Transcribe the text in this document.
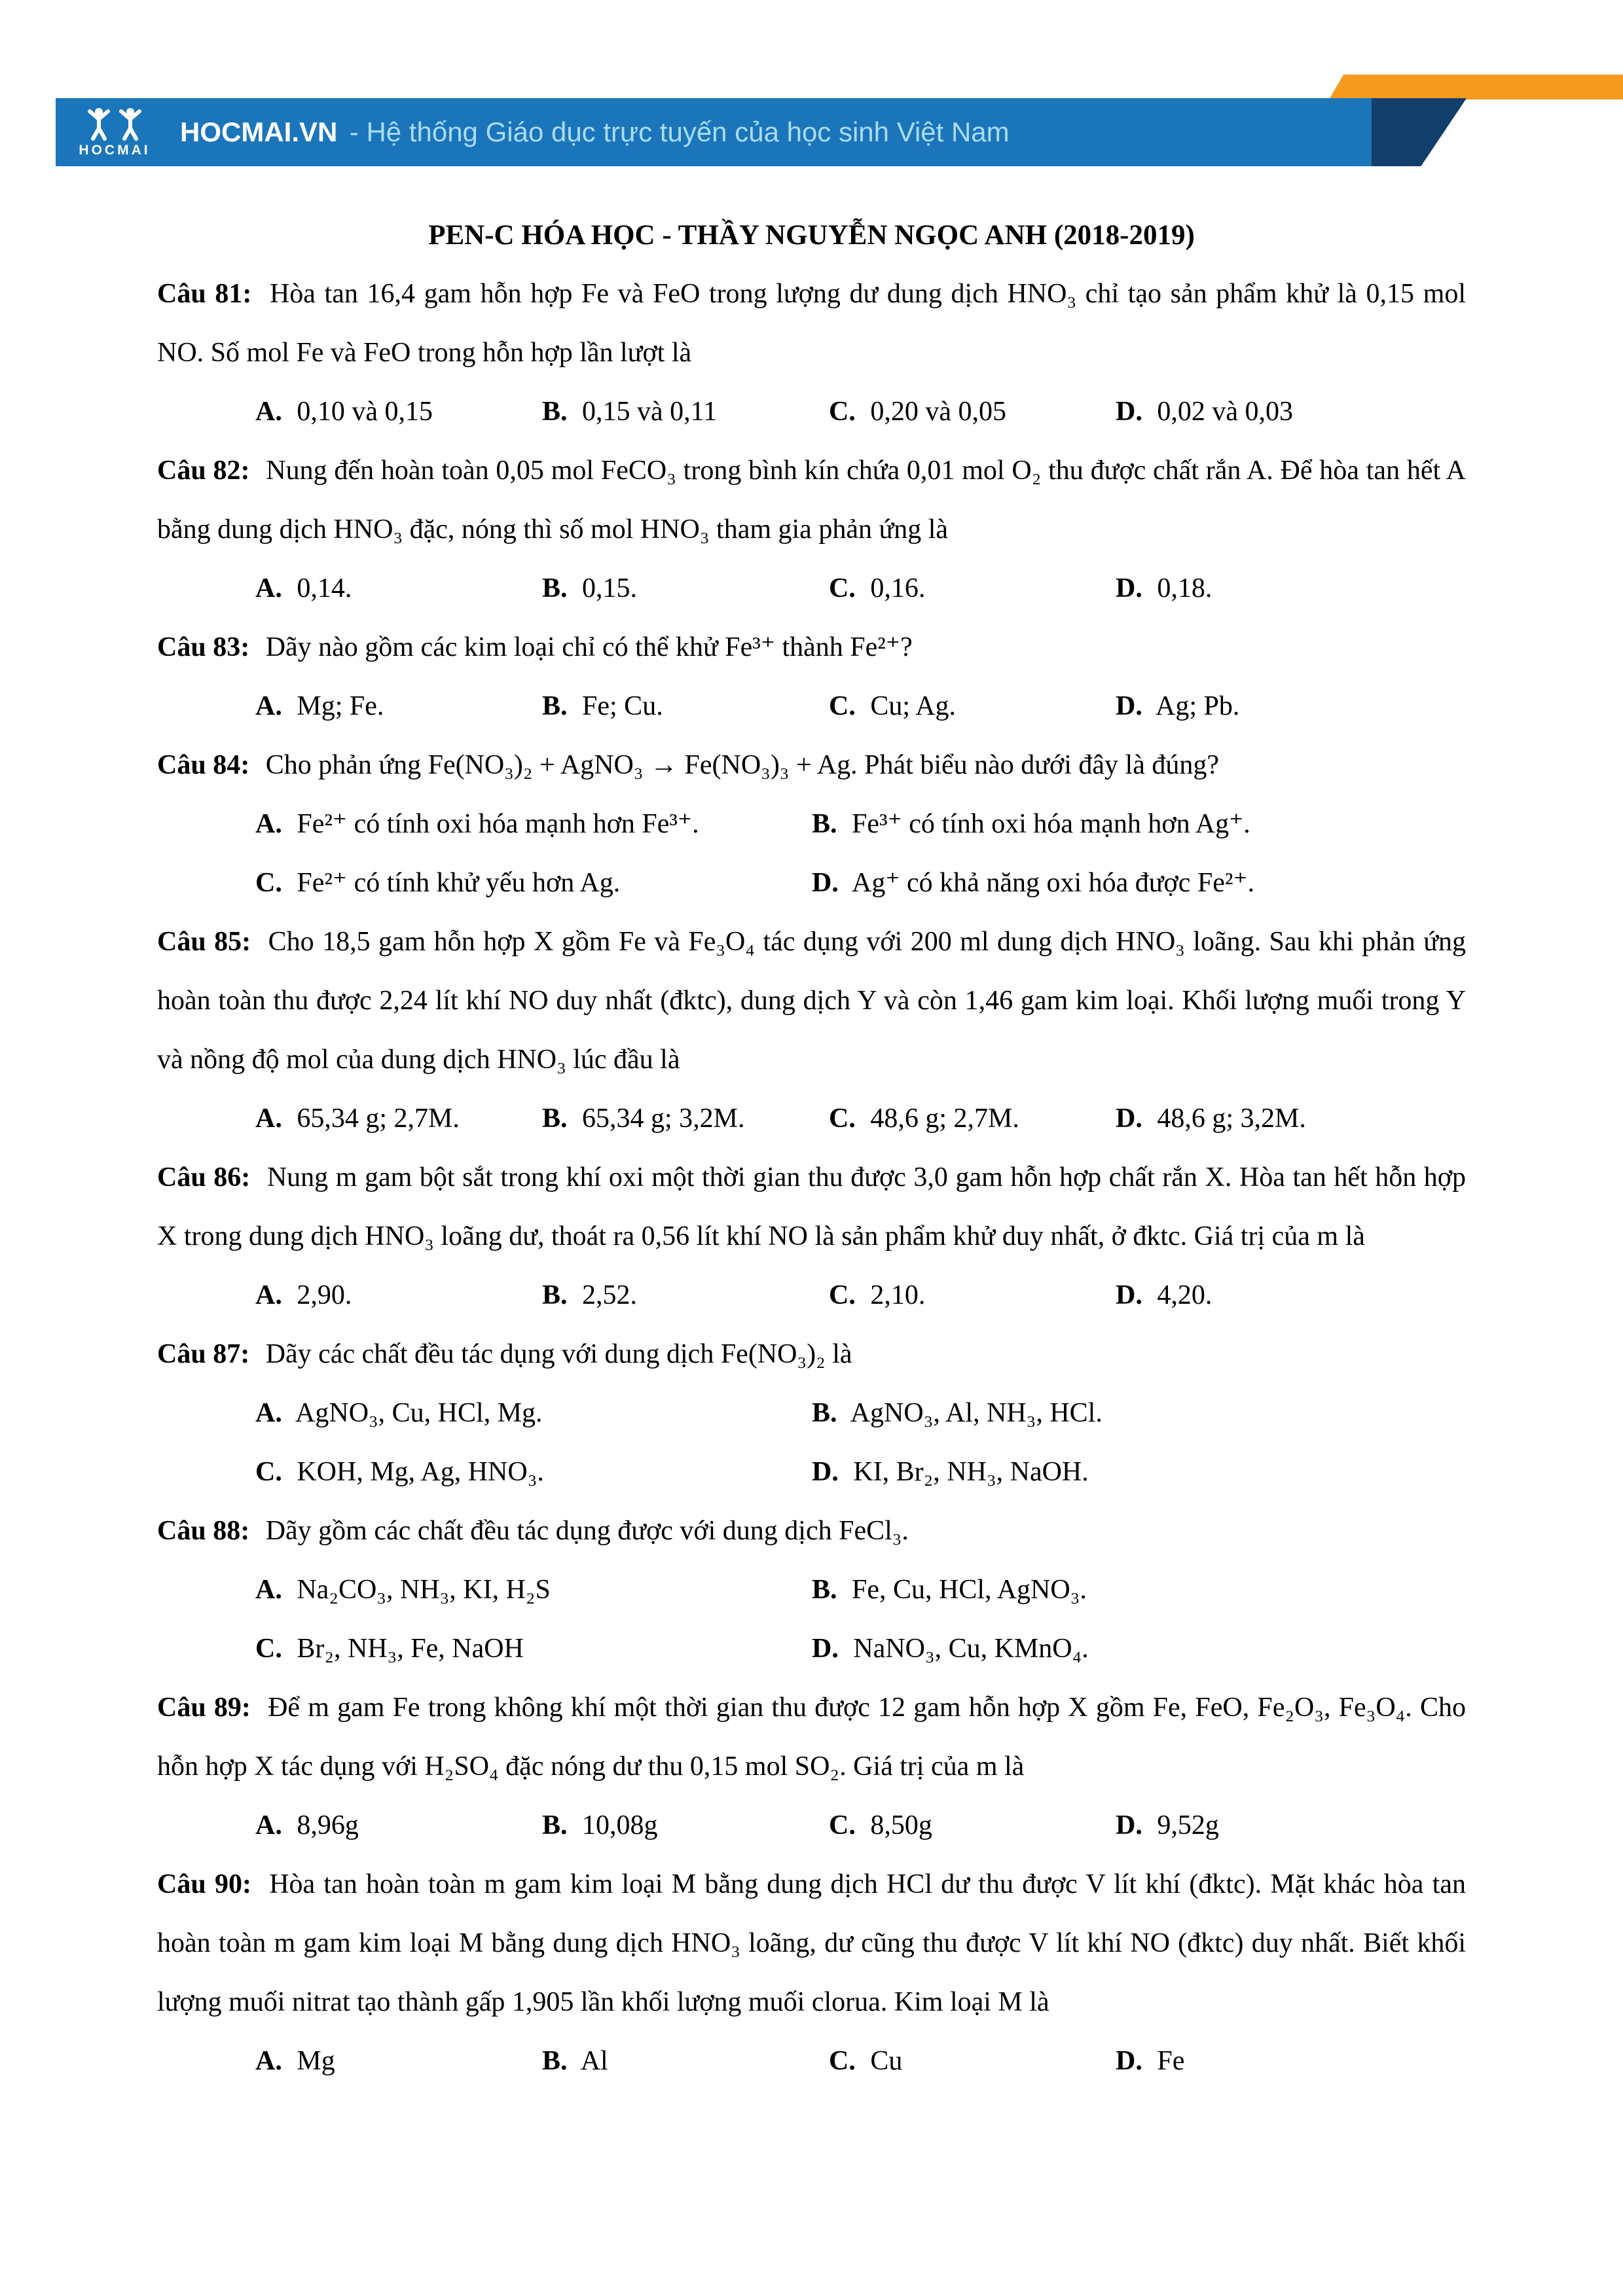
HOCMAI
HOCMAI.VN - Hệ thống Giáo dục trực tuyến của học sinh Việt Nam
PEN-C HÓA HỌC - THẦY NGUYỄN NGỌC ANH (2018-2019)

Câu 81: Hòa tan 16,4 gam hỗn hợp Fe và FeO trong lượng dư dung dịch HNO₃ chỉ tạo sản phẩm khử là 0,15 mol NO. Số mol Fe và FeO trong hỗn hợp lần lượt là

A. 0,10 và 0,15	B. 0,15 và 0,11	C. 0,20 và 0,05	D. 0,02 và 0,03

Câu 82: Nung đến hoàn toàn 0,05 mol FeCO₃ trong bình kín chứa 0,01 mol O₂ thu được chất rắn A. Để hòa tan hết A bằng dung dịch HNO₃ đặc, nóng thì số mol HNO₃ tham gia phản ứng là

A. 0,14.	B. 0,15.	C. 0,16.	D. 0,18.

Câu 83: Dãy nào gồm các kim loại chỉ có thể khử Fe³⁺ thành Fe²⁺?

A. Mg; Fe.	B. Fe; Cu.	C. Cu; Ag.	D. Ag; Pb.

Câu 84: Cho phản ứng Fe(NO₃)₂ + AgNO₃ → Fe(NO₃)₃ + Ag. Phát biểu nào dưới đây là đúng?

A. Fe²⁺ có tính oxi hóa mạnh hơn Fe³⁺.	B. Fe³⁺ có tính oxi hóa mạnh hơn Ag⁺.
C. Fe²⁺ có tính khử yếu hơn Ag.	D. Ag⁺ có khả năng oxi hóa được Fe²⁺.

Câu 85: Cho 18,5 gam hỗn hợp X gồm Fe và Fe₃O₄ tác dụng với 200 ml dung dịch HNO₃ loãng. Sau khi phản ứng hoàn toàn thu được 2,24 lít khí NO duy nhất (đktc), dung dịch Y và còn 1,46 gam kim loại. Khối lượng muối trong Y và nồng độ mol của dung dịch HNO₃ lúc đầu là

A. 65,34 g; 2,7M.	B. 65,34 g; 3,2M.	C. 48,6 g; 2,7M.	D. 48,6 g; 3,2M.

Câu 86: Nung m gam bột sắt trong khí oxi một thời gian thu được 3,0 gam hỗn hợp chất rắn X. Hòa tan hết hỗn hợp X trong dung dịch HNO₃ loãng dư, thoát ra 0,56 lít khí NO là sản phẩm khử duy nhất, ở đktc. Giá trị của m là

A. 2,90.	B. 2,52.	C. 2,10.	D. 4,20.

Câu 87: Dãy các chất đều tác dụng với dung dịch Fe(NO₃)₂ là

A. AgNO₃, Cu, HCl, Mg.	B. AgNO₃, Al, NH₃, HCl.
C. KOH, Mg, Ag, HNO₃.	D. KI, Br₂, NH₃, NaOH.

Câu 88: Dãy gồm các chất đều tác dụng được với dung dịch FeCl₃.

A. Na₂CO₃, NH₃, KI, H₂S	B. Fe, Cu, HCl, AgNO₃.
C. Br₂, NH₃, Fe, NaOH	D. NaNO₃, Cu, KMnO₄.

Câu 89: Để m gam Fe trong không khí một thời gian thu được 12 gam hỗn hợp X gồm Fe, FeO, Fe₂O₃, Fe₃O₄. Cho hỗn hợp X tác dụng với H₂SO₄ đặc nóng dư thu 0,15 mol SO₂. Giá trị của m là

A. 8,96g	B. 10,08g	C. 8,50g	D. 9,52g

Câu 90: Hòa tan hoàn toàn m gam kim loại M bằng dung dịch HCl dư thu được V lít khí (đktc). Mặt khác hòa tan hoàn toàn m gam kim loại M bằng dung dịch HNO₃ loãng, dư cũng thu được V lít khí NO (đktc) duy nhất. Biết khối lượng muối nitrat tạo thành gấp 1,905 lần khối lượng muối clorua. Kim loại M là

A. Mg	B. Al	C. Cu	D. Fe
